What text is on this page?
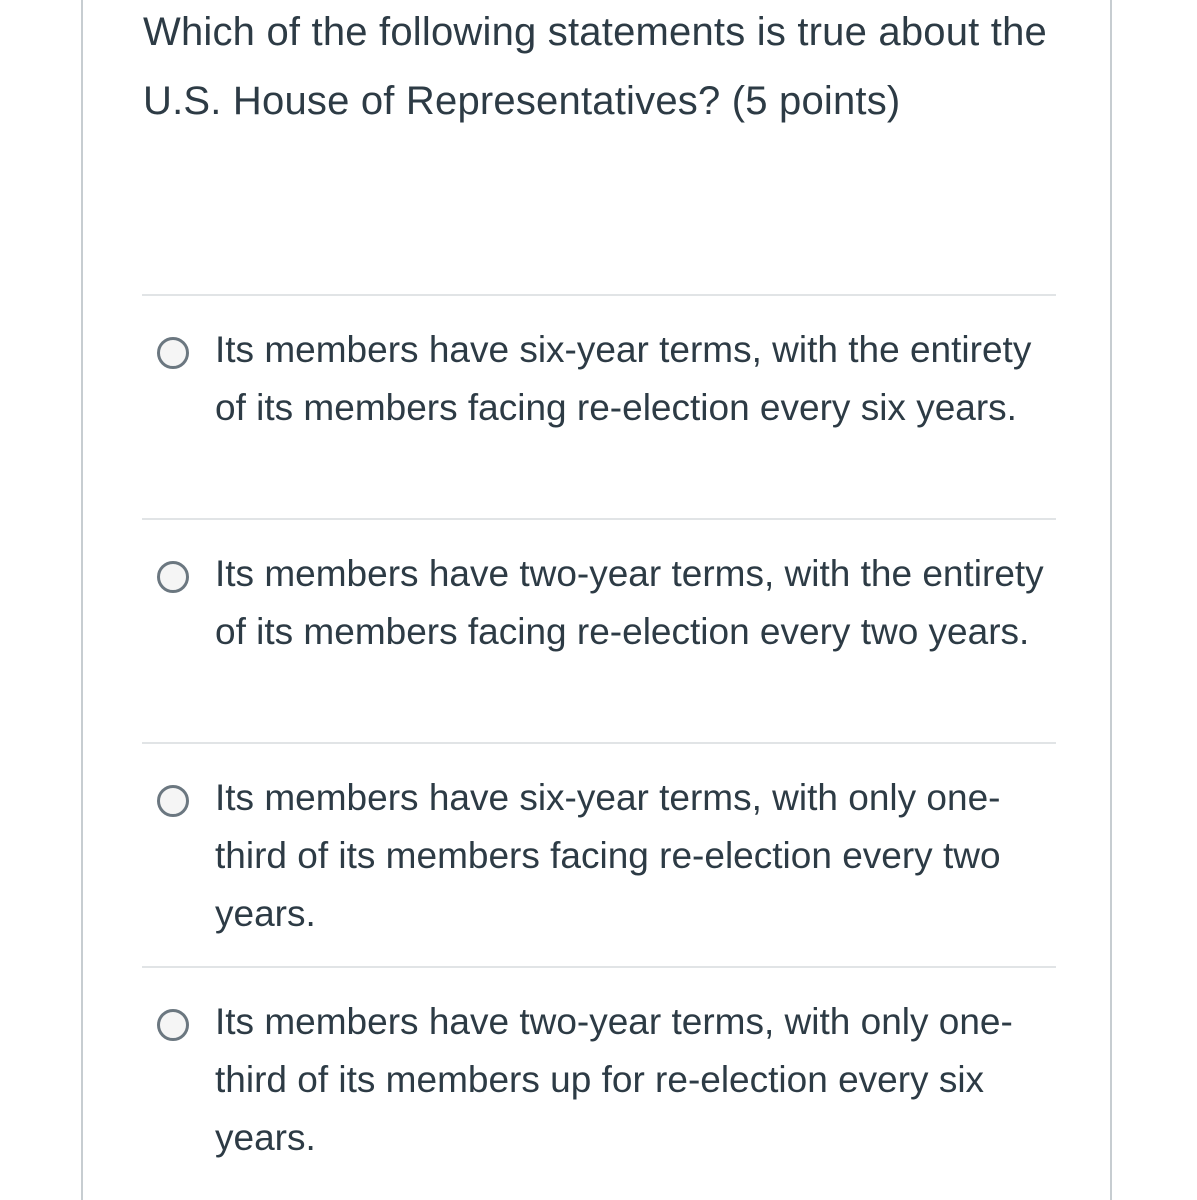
Which of the following statements is true about the U.S. House of Representatives? (5 points)

Its members have six-year terms, with the entirety of its members facing re-election every six years.

Its members have two-year terms, with the entirety of its members facing re-election every two years.

Its members have six-year terms, with only one-third of its members facing re-election every two years.

Its members have two-year terms, with only one-third of its members up for re-election every six years.
